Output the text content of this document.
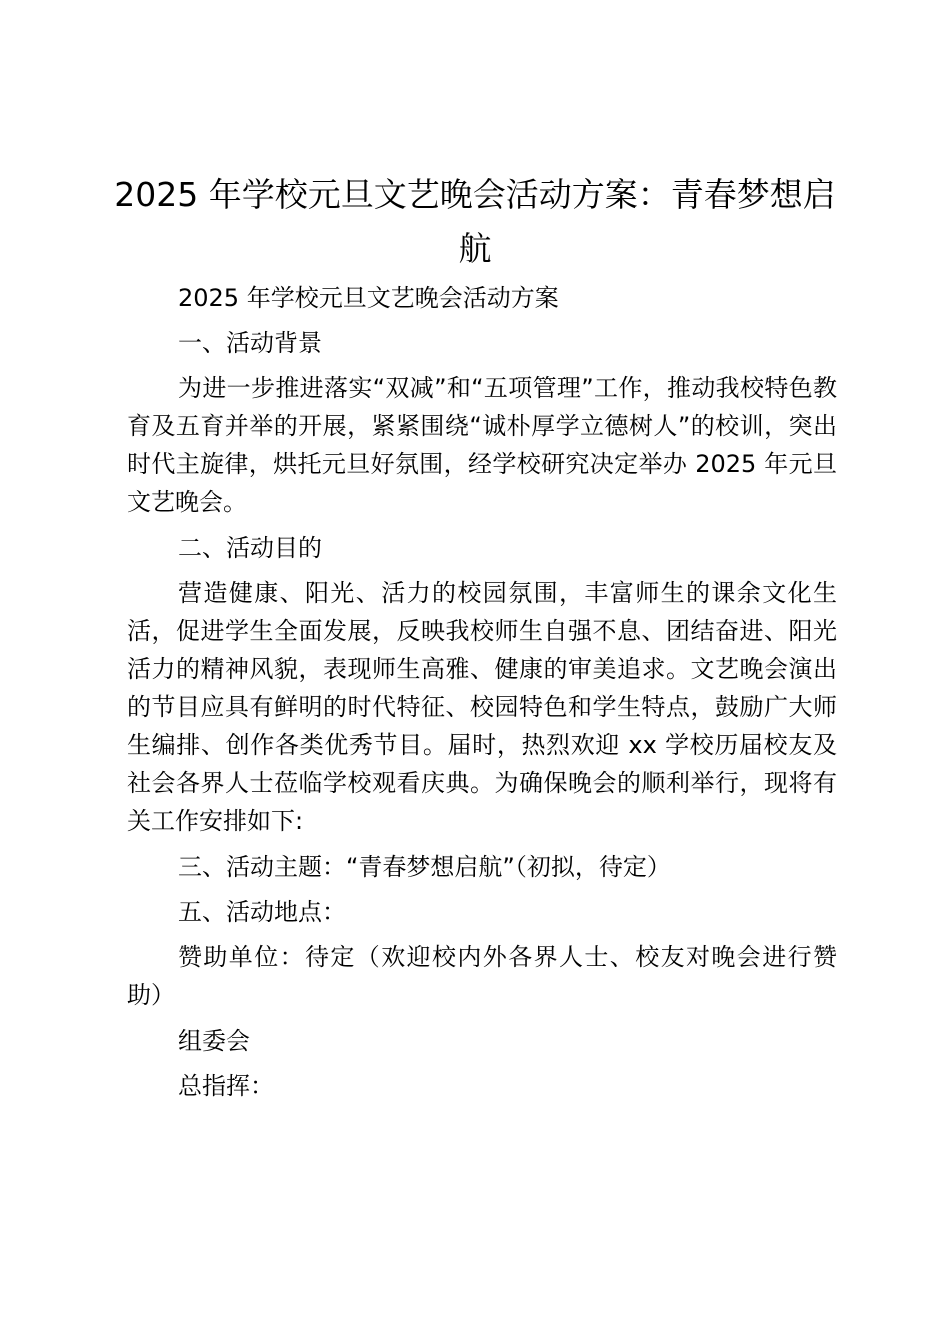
2025 年学校元旦文艺晚会活动方案：青春梦想启航

2025 年学校元旦文艺晚会活动方案

一、活动背景

为进一步推进落实“双减”和“五项管理”工作，推动我校特色教育及五育并举的开展，紧紧围绕“诚朴厚学立德树人”的校训，突出时代主旋律，烘托元旦好氛围，经学校研究决定举办 2025 年元旦文艺晚会。

二、活动目的

营造健康、阳光、活力的校园氛围，丰富师生的课余文化生活，促进学生全面发展，反映我校师生自强不息、团结奋进、阳光活力的精神风貌，表现师生高雅、健康的审美追求。文艺晚会演出的节目应具有鲜明的时代特征、校园特色和学生特点，鼓励广大师生编排、创作各类优秀节目。届时，热烈欢迎 xx 学校历届校友及社会各界人士莅临学校观看庆典。为确保晚会的顺利举行，现将有关工作安排如下:

三、活动主题：“青春梦想启航”（初拟，待定）

五、活动地点：

赞助单位：待定（欢迎校内外各界人士、校友对晚会进行赞助）

组委会

总指挥：
